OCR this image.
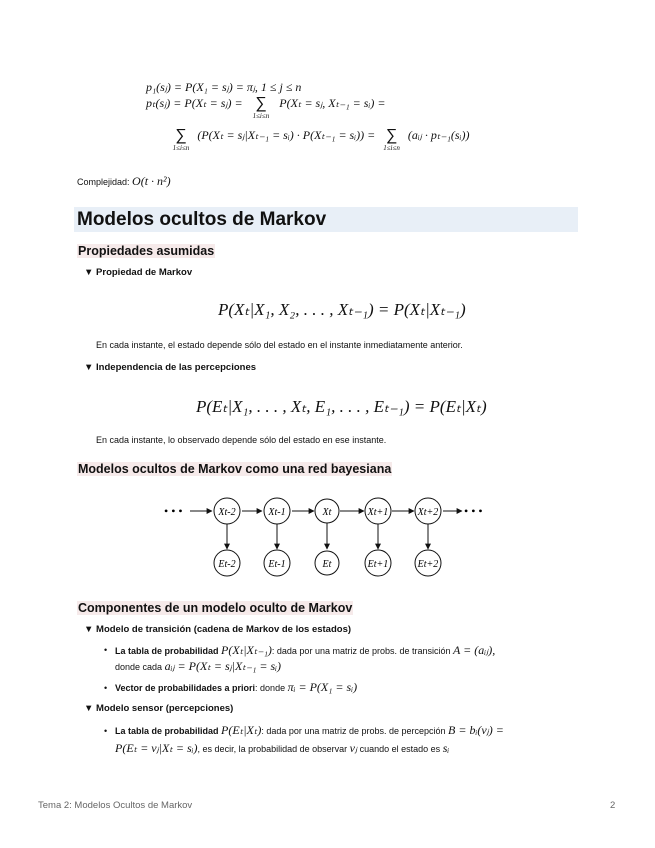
p₁(sⱼ) = P(X₁ = sⱼ) = πⱼ, 1 ≤ j ≤ n
pₜ(sⱼ) = P(Xₜ = sⱼ) = ∑
1≤i≤n
P(Xₜ = sⱼ, Xₜ₋₁ = sᵢ) =
∑
1≤i≤n
(P(Xₜ = sⱼ|Xₜ₋₁ = sᵢ) · P(Xₜ₋₁ = sᵢ)) = ∑
1≤i≤n
(aᵢⱼ · pₜ₋₁(sᵢ))
Complejidad: O(t · n²)
Modelos ocultos de Markov
Propiedades asumidas
▼ Propiedad de Markov
P(Xₜ|X₁, X₂, . . . , Xₜ₋₁) = P(Xₜ|Xₜ₋₁)
En cada instante, el estado depende sólo del estado en el instante inmediatamente anterior.
▼ Independencia de las percepciones
P(Eₜ|X₁, . . . , Xₜ, E₁, . . . , Eₜ₋₁) = P(Eₜ|Xₜ)
En cada instante, lo observado depende sólo del estado en ese instante.
Modelos ocultos de Markov como una red bayesiana
• • •	• • •
Xt-2	Xt-1	Xt	Xt+1	Xt+2
Et-2	Et-1	Et	Et+1	Et+2
Componentes de un modelo oculto de Markov
▼ Modelo de transición (cadena de Markov de los estados)
• La tabla de probabilidad P(Xₜ|Xₜ₋₁): dada por una matriz de probs. de transición A = (aᵢⱼ),
donde cada aᵢⱼ = P(Xₜ = sⱼ|Xₜ₋₁ = sᵢ)
• Vector de probabilidades a priori: donde πᵢ = P(X₁ = sᵢ)
▼ Modelo sensor (percepciones)
• La tabla de probabilidad P(Eₜ|Xₜ): dada por una matriz de probs. de percepción B = bᵢ(vⱼ) =
P(Eₜ = vⱼ|Xₜ = sᵢ), es decir, la probabilidad de observar vⱼ cuando el estado es sᵢ
Tema 2: Modelos Ocultos de Markov	2
